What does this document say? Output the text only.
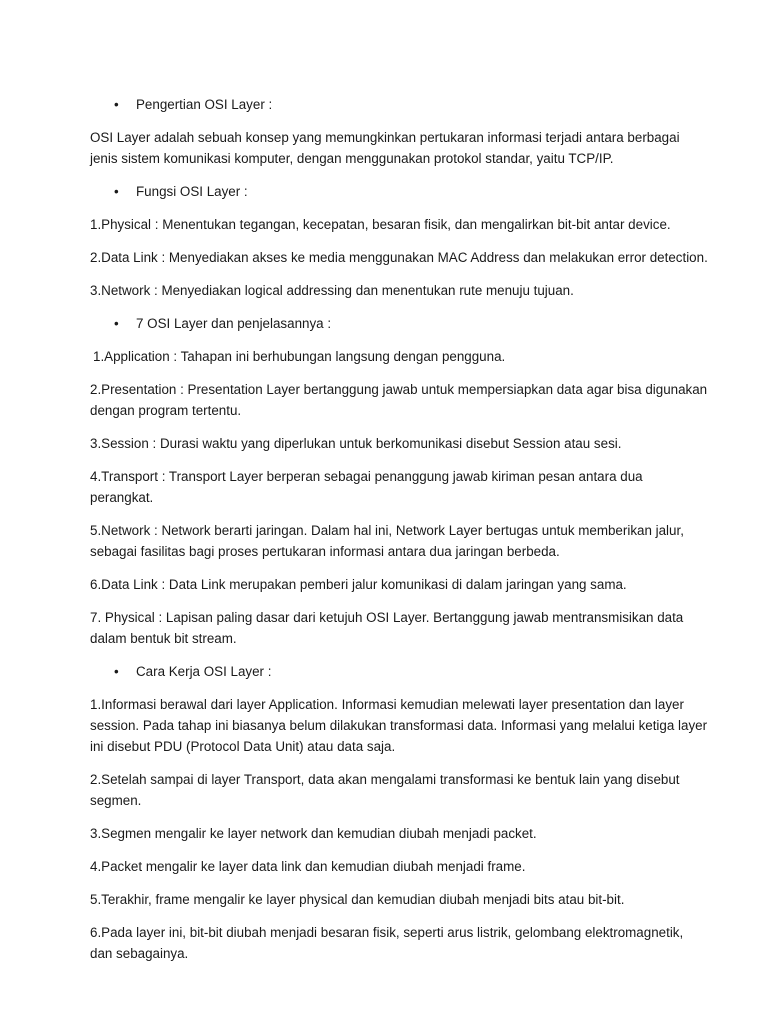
• Pengertian OSI Layer :
OSI Layer adalah sebuah konsep yang memungkinkan pertukaran informasi terjadi antara berbagai jenis sistem komunikasi komputer, dengan menggunakan protokol standar, yaitu TCP/IP.
• Fungsi OSI Layer :
1.Physical : Menentukan tegangan, kecepatan, besaran fisik, dan mengalirkan bit-bit antar device.
2.Data Link : Menyediakan akses ke media menggunakan MAC Address dan melakukan error detection.
3.Network : Menyediakan logical addressing dan menentukan rute menuju tujuan.
• 7 OSI Layer dan penjelasannya :
1.Application : Tahapan ini berhubungan langsung dengan pengguna.
2.Presentation : Presentation Layer bertanggung jawab untuk mempersiapkan data agar bisa digunakan dengan program tertentu.
3.Session : Durasi waktu yang diperlukan untuk berkomunikasi disebut Session atau sesi.
4.Transport : Transport Layer berperan sebagai penanggung jawab kiriman pesan antara dua perangkat.
5.Network : Network berarti jaringan. Dalam hal ini, Network Layer bertugas untuk memberikan jalur, sebagai fasilitas bagi proses pertukaran informasi antara dua jaringan berbeda.
6.Data Link : Data Link merupakan pemberi jalur komunikasi di dalam jaringan yang sama.
7. Physical : Lapisan paling dasar dari ketujuh OSI Layer. Bertanggung jawab mentransmisikan data dalam bentuk bit stream.
• Cara Kerja OSI Layer :
1.Informasi berawal dari layer Application. Informasi kemudian melewati layer presentation dan layer session. Pada tahap ini biasanya belum dilakukan transformasi data. Informasi yang melalui ketiga layer ini disebut PDU (Protocol Data Unit) atau data saja.
2.Setelah sampai di layer Transport, data akan mengalami transformasi ke bentuk lain yang disebut segmen.
3.Segmen mengalir ke layer network dan kemudian diubah menjadi packet.
4.Packet mengalir ke layer data link dan kemudian diubah menjadi frame.
5.Terakhir, frame mengalir ke layer physical dan kemudian diubah menjadi bits atau bit-bit.
6.Pada layer ini, bit-bit diubah menjadi besaran fisik, seperti arus listrik, gelombang elektromagnetik, dan sebagainya.
